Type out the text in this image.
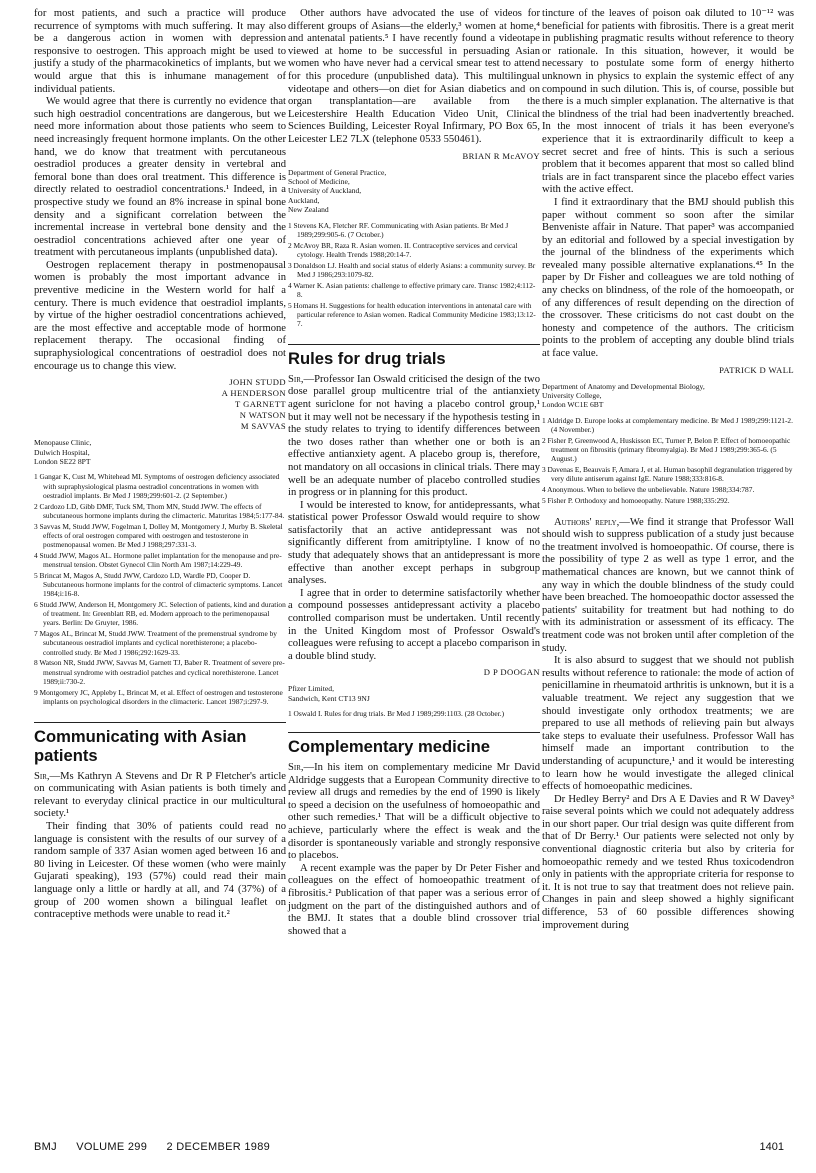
for most patients, and such a practice will produce recurrence of symptoms with much suffering. It may also be a dangerous action in women with depression responsive to oestrogen. This approach might be used to justify a study of the pharmacokinetics of implants, but we would argue that this is inhumane management of individual patients.

We would agree that there is currently no evidence that such high oestradiol concentrations are dangerous, but we need more information about those patients who seem to need increasingly frequent hormone implants. On the other hand, we do know that treatment with percutaneous oestradiol produces a greater density in vertebral and femoral bone than does oral treatment. This difference is directly related to oestradiol concentrations.¹ Indeed, in a prospective study we found an 8% increase in spinal bone density and a significant correlation between the incremental increase in vertebral bone density and the oestradiol concentrations achieved after one year of treatment with percutaneous implants (unpublished data).

Oestrogen replacement therapy in postmenopausal women is probably the most important advance in preventive medicine in the Western world for half a century. There is much evidence that oestradiol implants, by virtue of the higher oestradiol concentrations achieved, are the most effective and acceptable mode of hormone replacement therapy. The occasional finding of supraphysiological concentrations of oestradiol does not encourage us to change this view.

JOHN STUDD
A HENDERSON
T GARNETT
N WATSON
M SAVVAS
Menopause Clinic,
Dulwich Hospital,
London SE22 8PT
1 Gangar K, Cust M, Whitehead MI. Symptoms of oestrogen deficiency associated with supraphysiological plasma oestradiol concentrations in women with oestradiol implants. Br Med J 1989;299:601-2. (2 September.)
2 Cardozo LD, Gibb DMF, Tuck SM, Thom MN, Studd JWW. The effects of subcutaneous hormone implants during the climacteric. Maturitas 1984;5:177-84.
3 Savvas M, Studd JWW, Fogelman I, Dolley M, Montgomery J, Murby B. Skeletal effects of oral oestrogen compared with oestrogen and testosterone in postmenopausal women. Br Med J 1988;297:331-3.
4 Studd JWW, Magos AL. Hormone pallet implantation for the menopause and pre-menstrual tension. Obstet Gynecol Clin North Am 1987;14:229-49.
5 Brincat M, Magos A, Studd JWW, Cardozo LD, Wardle PD, Cooper D. Subcutaneous hormone implants for the control of climacteric symptoms. Lancet 1984;i:16-8.
6 Studd JWW, Anderson H, Montgomery JC. Selection of patients, kind and duration of treatment. In: Greenblatt RB, ed. Modern approach to the perimenopausal years. Berlin: De Gruyter, 1986.
7 Magos AL, Brincat M, Studd JWW. Treatment of the premenstrual syndrome by subcutaneous oestradiol implants and cyclical norethisterone; a placebo-controlled study. Br Med J 1986;292:1629-33.
8 Watson NR, Studd JWW, Savvas M, Garnett TJ, Baber R. Treatment of severe pre-menstrual syndrome with oestradiol patches and cyclical norethisterone. Lancet 1989;ii:730-2.
9 Montgomery JC, Appleby L, Brincat M, et al. Effect of oestrogen and testosterone implants on psychological disorders in the climacteric. Lancet 1987;i:297-9.
Communicating with Asian patients

Sir,—Ms Kathryn A Stevens and Dr R P Fletcher's article on communicating with Asian patients is both timely and relevant to everyday clinical practice in our multicultural society.¹

Their finding that 30% of patients could read no language is consistent with the results of our survey of a random sample of 337 Asian women aged between 16 and 80 living in Leicester. Of these women (who were mainly Gujarati speaking), 193 (57%) could read their main language only a little or hardly at all, and 74 (37%) of a group of 200 women shown a bilingual leaflet on contraceptive methods were unable to read it.²

Other authors have advocated the use of videos for different groups of Asians—the elderly,³ women at home,⁴ and antenatal patients.⁵ I have recently found a videotape viewed at home to be successful in persuading Asian women who have never had a cervical smear test to attend for this procedure (unpublished data). This multilingual videotape and others—on diet for Asian diabetics and on organ transplantation—are available from the Leicestershire Health Education Video Unit, Clinical Sciences Building, Leicester Royal Infirmary, PO Box 65, Leicester LE2 7LX (telephone 0533 550461).

BRIAN R McAVOY
Department of General Practice,
School of Medicine,
University of Auckland,
Auckland,
New Zealand
1 Stevens KA, Fletcher RF. Communicating with Asian patients. Br Med J 1989;299:905-6. (7 October.)
2 McAvoy BR, Raza R. Asian women. II. Contraceptive services and cervical cytology. Health Trends 1988;20:14-7.
3 Donaldson LJ. Health and social status of elderly Asians: a community survey. Br Med J 1986;293:1079-82.
4 Warner K. Asian patients: challenge to effective primary care. Transc 1982;4:112-8.
5 Homans H. Suggestions for health education interventions in antenatal care with particular reference to Asian women. Radical Community Medicine 1983;13:12-7.
Rules for drug trials

Sir,—Professor Ian Oswald criticised the design of the two dose parallel group multicentre trial of the antianxiety agent suriclone for not having a placebo control group,¹ but it may well not be necessary if the hypothesis testing in the study relates to trying to identify differences between the two doses rather than whether one or both is an effective antianxiety agent. A placebo group is, therefore, not mandatory on all occasions in clinical trials. There may well be an adequate number of placebo controlled studies in progress or in planning for this product.

I would be interested to know, for antidepressants, what statistical power Professor Oswald would require to show satisfactorily that an active antidepressant was not significantly different from amitriptyline. I know of no study that adequately shows that an antidepressant is more effective than another except perhaps in subgroup analyses.

I agree that in order to determine satisfactorily whether a compound possesses antidepressant activity a placebo controlled comparison must be undertaken. Until recently in the United Kingdom most of Professor Oswald's colleagues were refusing to accept a placebo comparison in a double blind study.

D P DOOGAN
Pfizer Limited,
Sandwich, Kent CT13 9NJ
1 Oswald I. Rules for drug trials. Br Med J 1989;299:1103. (28 October.)
Complementary medicine

Sir,—In his item on complementary medicine Mr David Aldridge suggests that a European Community directive to review all drugs and remedies by the end of 1990 is likely to speed a decision on the usefulness of homoeopathic and other such remedies.¹ That will be a difficult objective to achieve, particularly where the effect is weak and the disorder is spontaneously variable and strongly responsive to placebos.

A recent example was the paper by Dr Peter Fisher and colleagues on the effect of homoeopathic treatment of fibrositis.² Publication of that paper was a serious error of judgment on the part of the distinguished authors and of the BMJ. It states that a double blind crossover trial showed that a

tincture of the leaves of poison oak diluted to 10⁻¹² was beneficial for patients with fibrositis. There is a great merit in publishing pragmatic results without reference to theory or rationale. In this situation, however, it would be necessary to postulate some form of energy hitherto unknown in physics to explain the systemic effect of any compound in such dilution. This is, of course, possible but there is a much simpler explanation. The alternative is that the blindness of the trial had been inadvertently breached. In the most innocent of trials it has been everyone's experience that it is extraordinarily difficult to keep a secret secret and free of hints. This is such a serious problem that it becomes apparent that most so called blind trials are in fact transparent since the placebo effect varies with the active effect.

I find it extraordinary that the BMJ should publish this paper without comment so soon after the similar Benveniste affair in Nature. That paper³ was accompanied by an editorial and followed by a special investigation by the journal of the blindness of the experiments which revealed many possible alternative explanations.⁴⁵ In the paper by Dr Fisher and colleagues we are told nothing of any checks on blindness, of the role of the homoeopath, or of any differences of result depending on the direction of the crossover. These criticisms do not cast doubt on the honesty and competence of the authors. The criticism points to the problem of accepting any double blind trials at face value.

PATRICK D WALL
Department of Anatomy and Developmental Biology,
University College,
London WC1E 6BT
1 Aldridge D. Europe looks at complementary medicine. Br Med J 1989;299:1121-2. (4 November.)
2 Fisher P, Greenwood A, Huskisson EC, Turner P, Belon P. Effect of homoeopathic treatment on fibrositis (primary fibromyalgia). Br Med J 1989;299:365-6. (5 August.)
3 Davenas E, Beauvais F, Amara J, et al. Human basophil degranulation triggered by very dilute antiserum against IgE. Nature 1988;333:816-8.
4 Anonymous. When to believe the unbelievable. Nature 1988;334:787.
5 Fisher P. Orthodoxy and homoeopathy. Nature 1988;335:292.

Authors' reply,—We find it strange that Professor Wall should wish to suppress publication of a study just because the treatment involved is homoeopathic. Of course, there is the possibility of type 2 as well as type 1 error, and the mathematical chances are known, but we cannot think of any way in which the double blindness of the study could have been breached. The homoeopathic doctor assessed the patients' suitability for treatment but had nothing to do with its administration or assessment of its efficacy. The treatment code was not broken until after completion of the study.

It is also absurd to suggest that we should not publish results without reference to rationale: the mode of action of penicillamine in rheumatoid arthritis is unknown, but it is a valuable treatment. We reject any suggestion that we should investigate only orthodox treatments; we are prepared to use all methods of relieving pain but always take steps to evaluate their usefulness. Professor Wall has himself made an important contribution to the understanding of acupuncture,¹ and it would be interesting to learn how he would investigate the alleged clinical effects of homoeopathic medicines.

Dr Hedley Berry² and Drs A E Davies and R W Davey³ raise several points which we could not adequately address in our short paper. Our trial design was quite different from that of Dr Berry.¹ Our patients were selected not only by conventional diagnostic criteria but also by criteria for homoeopathic remedy and we tested Rhus toxicodendron only in patients with the appropriate criteria for response to it. It is not true to say that treatment does not relieve pain. Changes in pain and sleep showed a highly significant difference, 53 of 60 possible differences showing improvement during

BMJ VOLUME 299 2 DECEMBER 1989	1401
